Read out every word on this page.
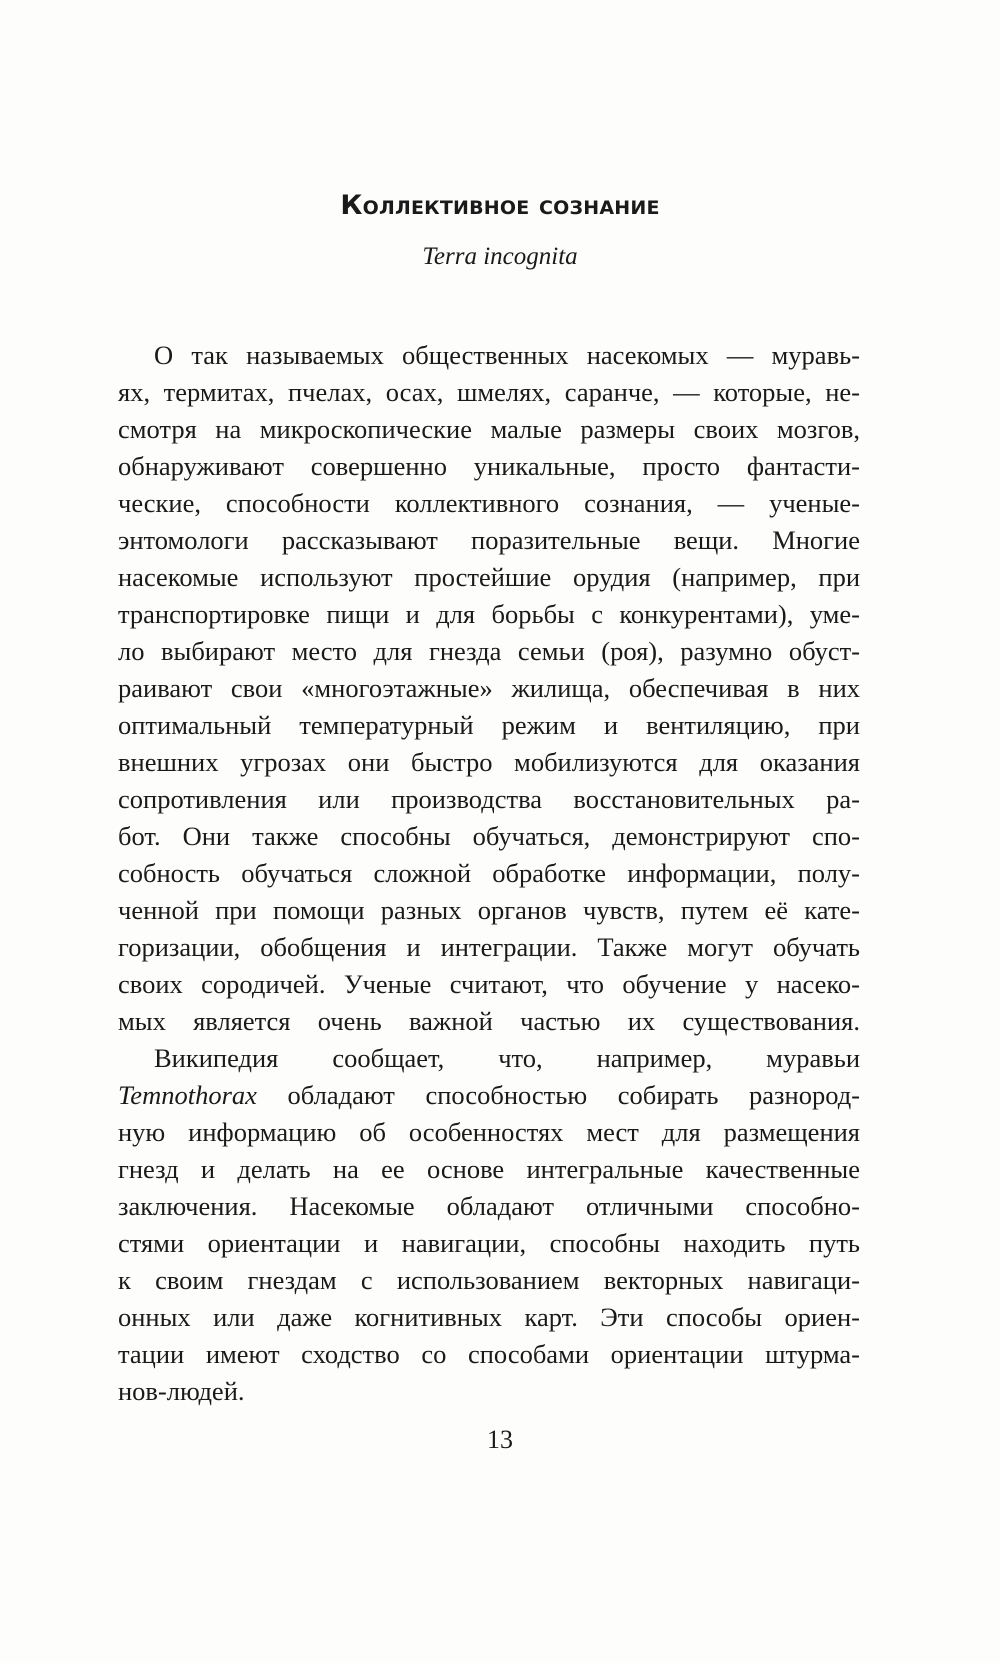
Коллективное сознание
Terra incognita
О так называемых общественных насекомых — муравь-
ях, термитах, пчелах, осах, шмелях, саранче, — которые, не-
смотря на микроскопические малые размеры своих мозгов,
обнаруживают совершенно уникальные, просто фантасти-
ческие, способности коллективного сознания, — ученые-
энтомологи рассказывают поразительные вещи. Многие
насекомые используют простейшие орудия (например, при
транспортировке пищи и для борьбы с конкурентами), уме-
ло выбирают место для гнезда семьи (роя), разумно обуст-
раивают свои «многоэтажные» жилища, обеспечивая в них
оптимальный температурный режим и вентиляцию, при
внешних угрозах они быстро мобилизуются для оказания
сопротивления или производства восстановительных ра-
бот. Они также способны обучаться, демонстрируют спо-
собность обучаться сложной обработке информации, полу-
ченной при помощи разных органов чувств, путем её кате-
горизации, обобщения и интеграции. Также могут обучать
своих сородичей. Ученые считают, что обучение у насеко-
мых является очень важной частью их существования.
Википедия сообщает, что, например, муравьи
Temnothorax обладают способностью собирать разнород-
ную информацию об особенностях мест для размещения
гнезд и делать на ее основе интегральные качественные
заключения. Насекомые обладают отличными способно-
стями ориентации и навигации, способны находить путь
к своим гнездам с использованием векторных навигаци-
онных или даже когнитивных карт. Эти способы ориен-
тации имеют сходство со способами ориентации штурма-
нов-людей.
13
